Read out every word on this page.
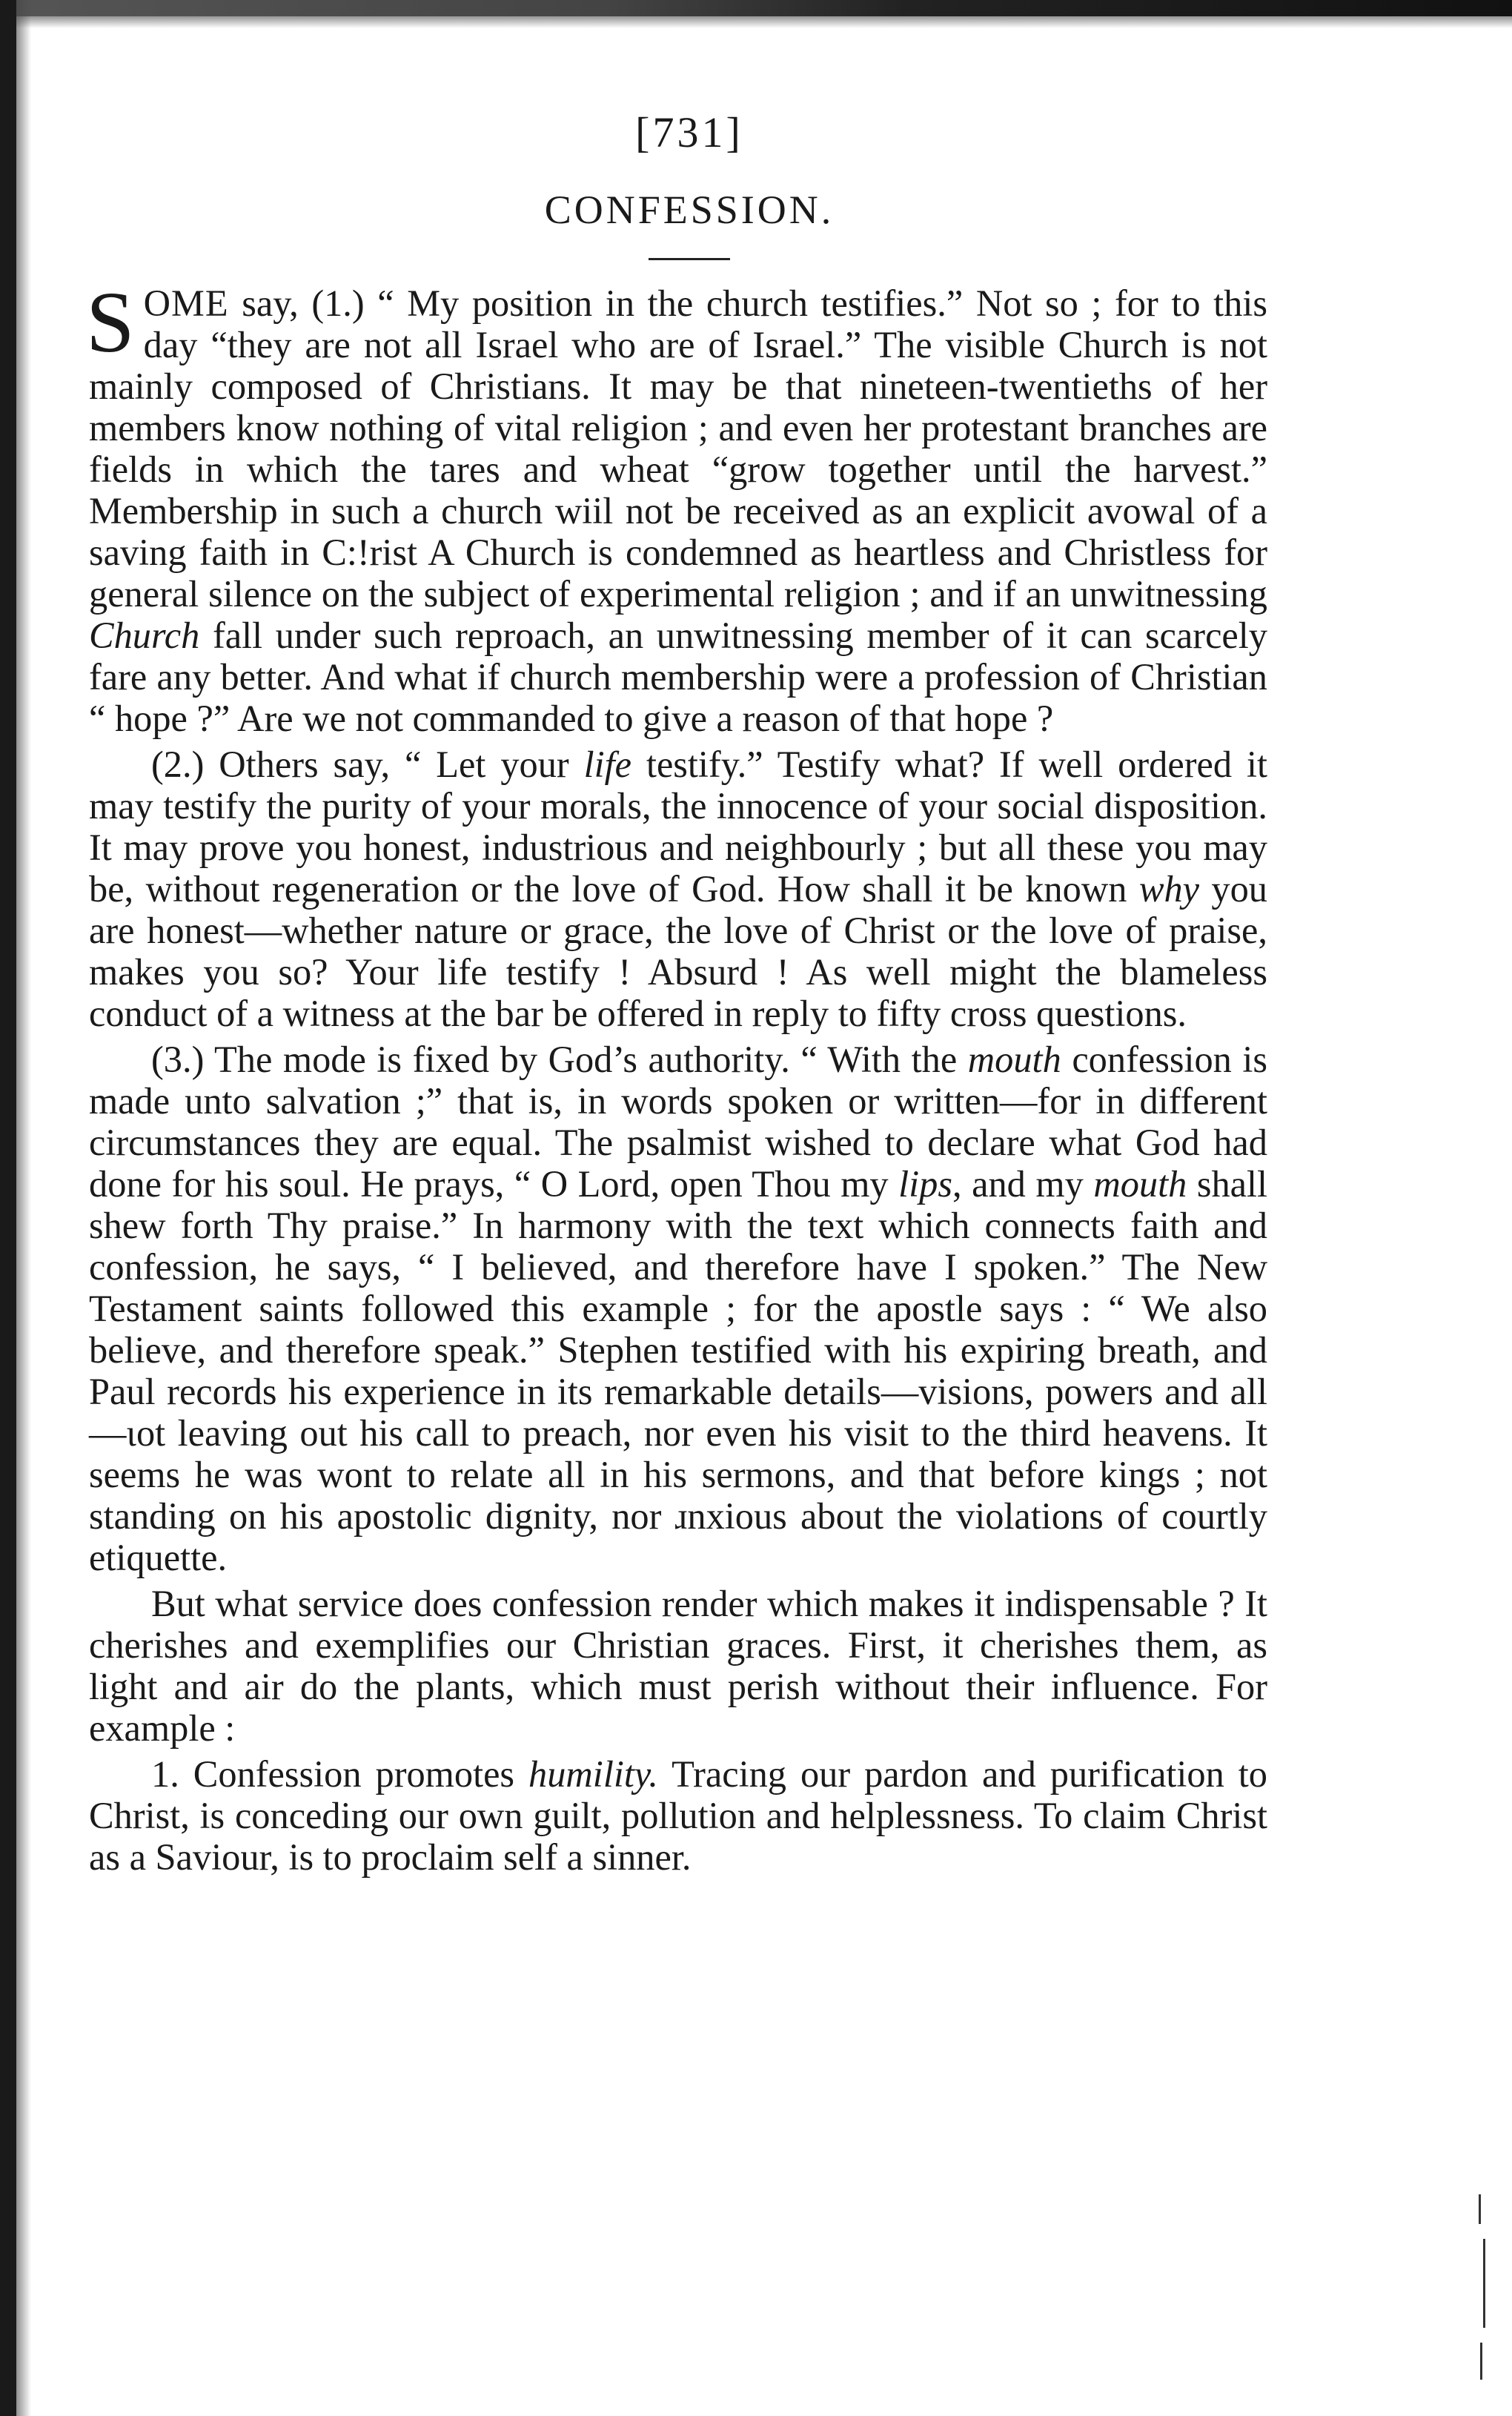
[731]
CONFESSION.

SOME say, (1.) “ My position in the church testifies.” Not so ; for to this day “they are not all Israel who are of Israel.” The visible Church is not mainly composed of Christians. It may be that nineteen-twentieths of her members know nothing of vital religion ; and even her protestant branches are fields in which the tares and wheat “grow together until the harvest.” Membership in such a church wiil not be received as an explicit avowal of a saving faith in C:!rist A Church is condemned as heartless and Christless for general silence on the subject of experimental religion ; and if an unwitnessing Church fall under such reproach, an unwitnessing member of it can scarcely fare any better. And what if church membership were a profession of Christian “ hope ?” Are we not commanded to give a reason of that hope ?

(2.) Others say, “ Let your life testify.” Testify what? If well ordered it may testify the purity of your morals, the innocence of your social disposition. It may prove you honest, industrious and neighbourly ; but all these you may be, without regeneration or the love of God. How shall it be known why you are honest—whether nature or grace, the love of Christ or the love of praise, makes you so? Your life testify ! Absurd ! As well might the blameless conduct of a witness at the bar be offered in reply to fifty cross questions.

(3.) The mode is fixed by God’s authority. “ With the mouth confession is made unto salvation ;” that is, in words spoken or written—for in different circumstances they are equal. The psalmist wished to declare what God had done for his soul. He prays, “ O Lord, open Thou my lips, and my mouth shall shew forth Thy praise.” In harmony with the text which connects faith and confession, he says, “ I believed, and therefore have I spoken.” The New Testament saints followed this example ; for the apostle says : “ We also believe, and therefore speak.” Stephen testified with his expiring breath, and Paul records his experience in its remarkable details—visions, powers and all—ιot leaving out his call to preach, nor even his visit to the third heavens. It seems he was wont to relate all in his sermons, and that before kings ; not standing on his apostolic dignity, nor ɹnxious about the violations of courtly etiquette.

But what service does confession render which makes it indispensable ? It cherishes and exemplifies our Christian graces. First, it cherishes them, as light and air do the plants, which must perish without their influence. For example :

1. Confession promotes humility. Tracing our pardon and purification to Christ, is conceding our own guilt, pollution and helplessness. To claim Christ as a Saviour, is to proclaim self a sinner.
